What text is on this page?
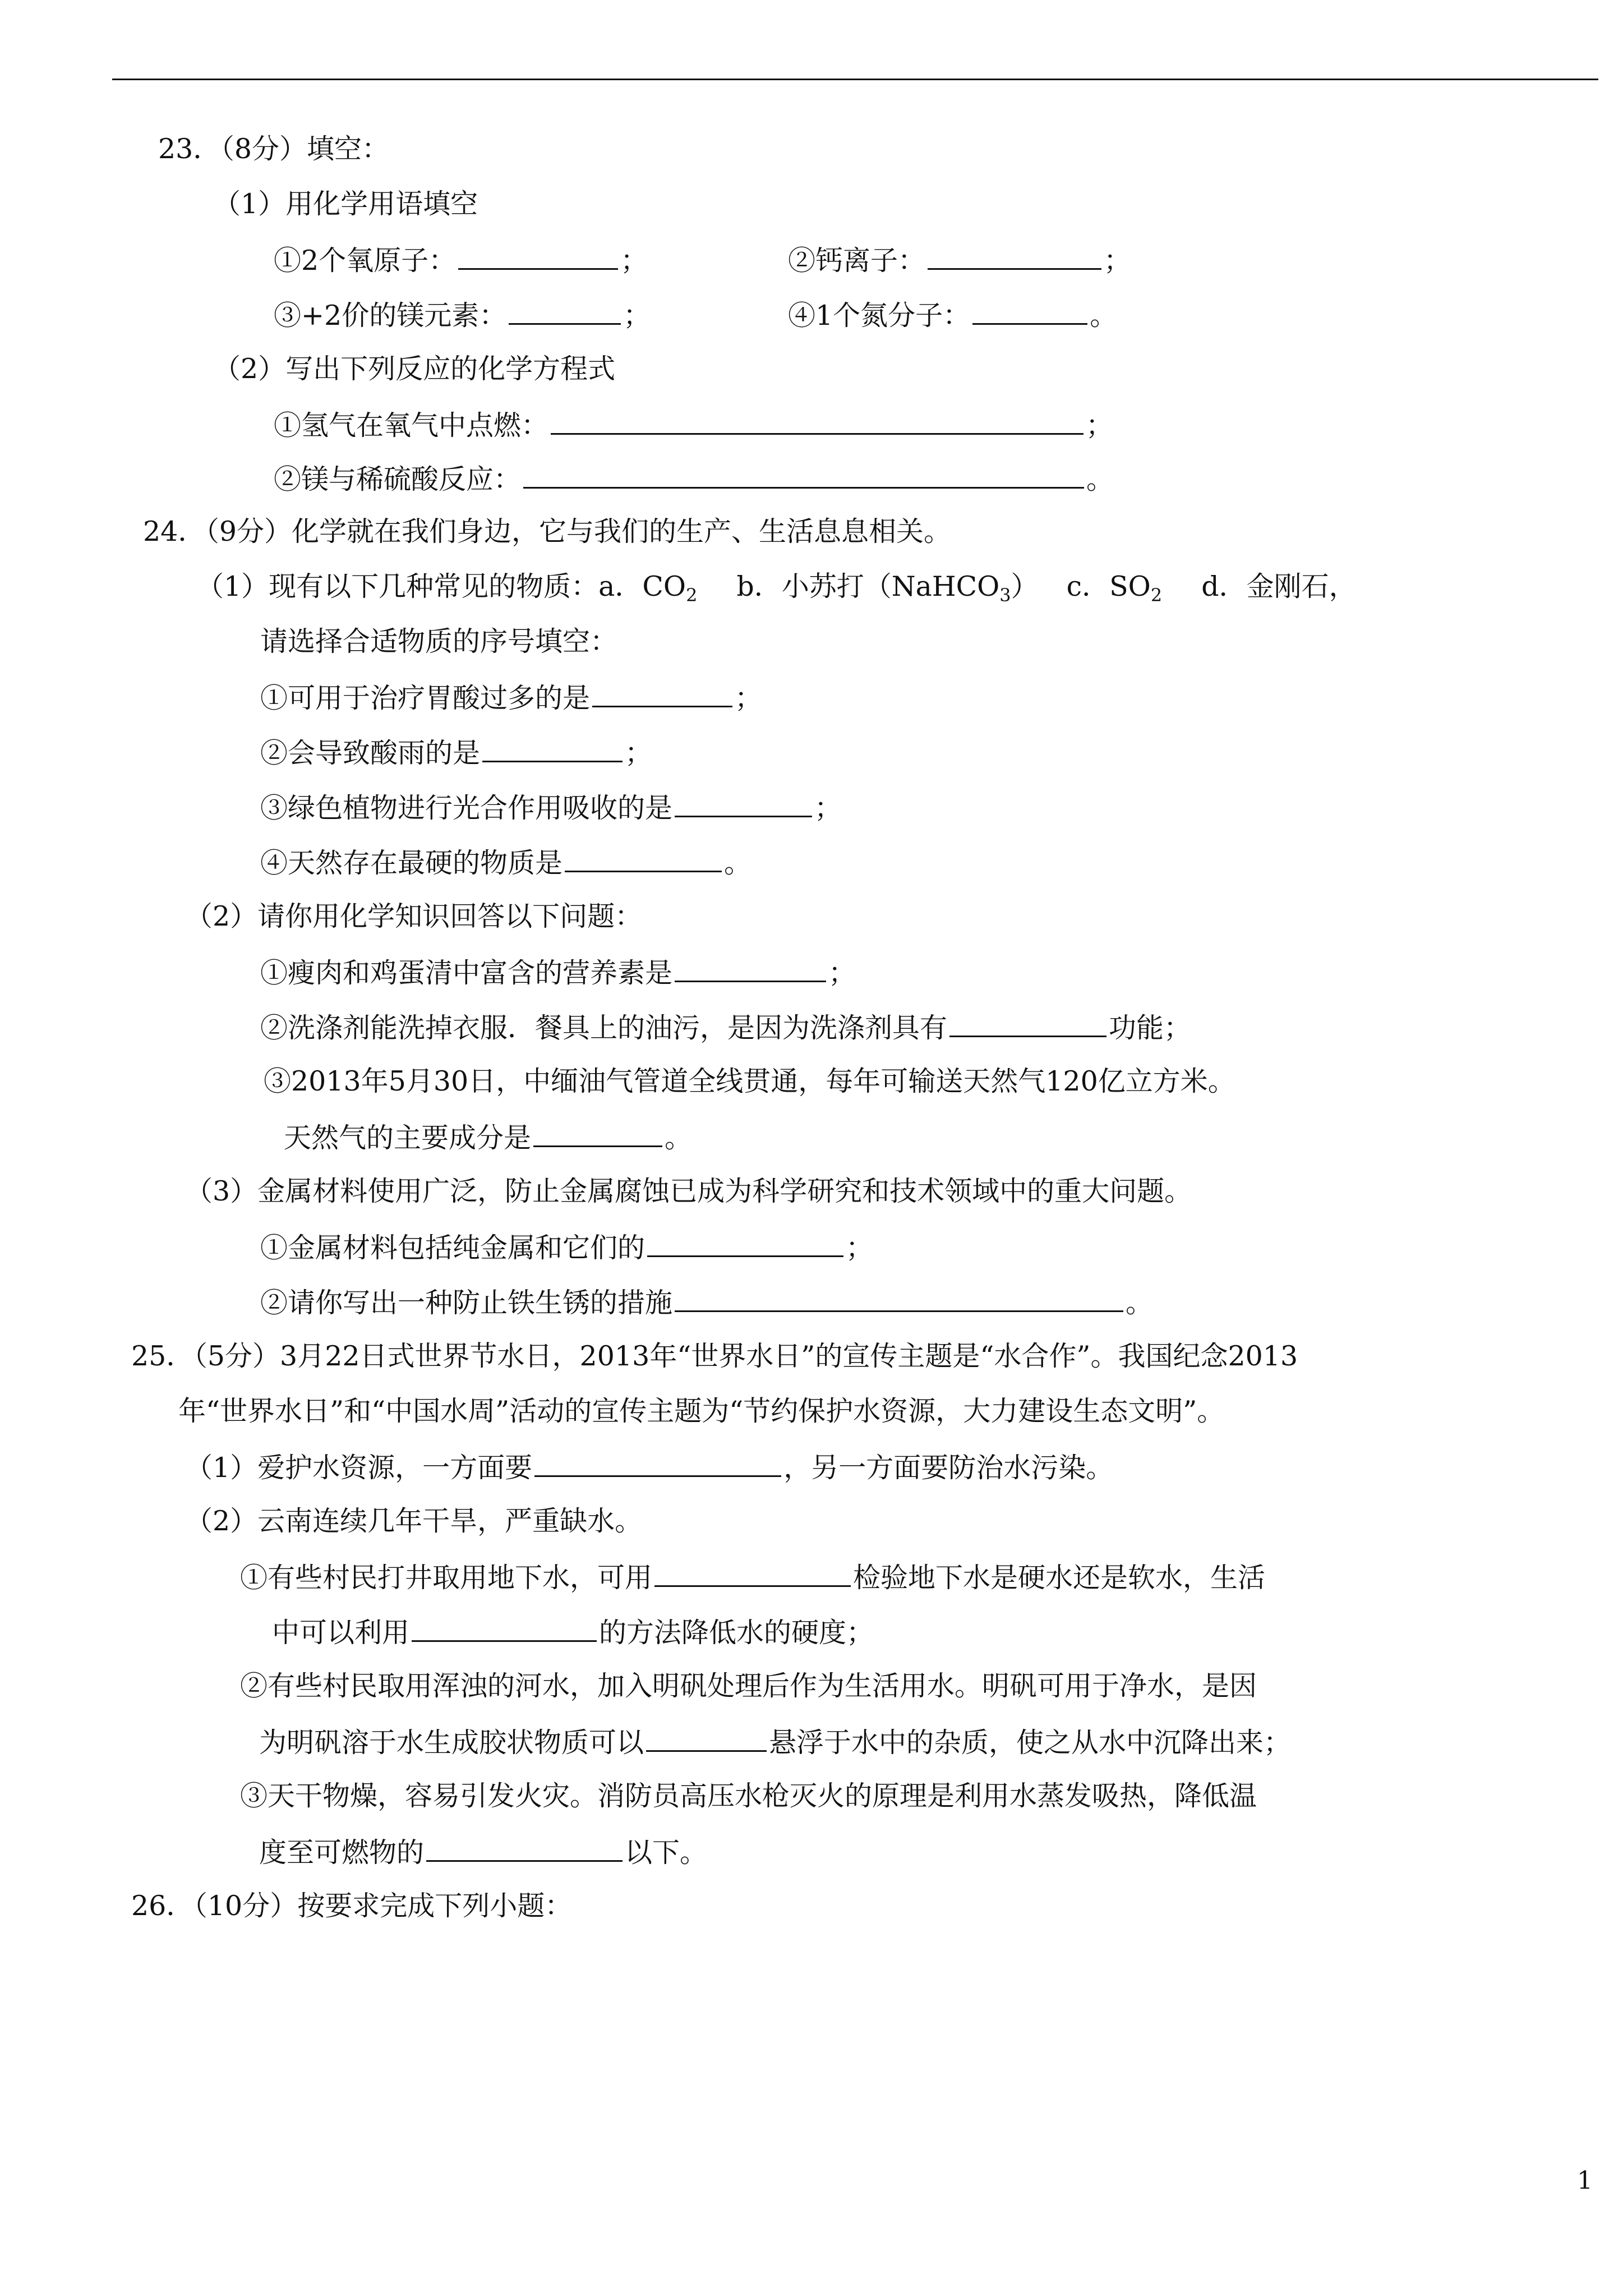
23．（8分）填空：
（1）用化学用语填空
①2个氧原子：	；	②钙离子：	；
③+2价的镁元素：	；	④1个氮分子：	。
（2）写出下列反应的化学方程式
①氢气在氧气中点燃：	；
②镁与稀硫酸反应：	。
24．（9分）化学就在我们身边，它与我们的生产、生活息息相关。
（1）现有以下几种常见的物质：a．$CO_2$ b．小苏打（NaHCO$_3$） c．$SO_2$ d．金刚石，
请选择合适物质的序号填空：
①可用于治疗胃酸过多的是	；
②会导致酸雨的是	；
③绿色植物进行光合作用吸收的是	；
④天然存在最硬的物质是	。
（2）请你用化学知识回答以下问题：
①瘦肉和鸡蛋清中富含的营养素是	；
②洗涤剂能洗掉衣服．餐具上的油污，是因为洗涤剂具有	功能；
③2013年5月30日，中缅油气管道全线贯通，每年可输送天然气120亿立方米。
天然气的主要成分是	。
（3）金属材料使用广泛，防止金属腐蚀已成为科学研究和技术领域中的重大问题。
①金属材料包括纯金属和它们的	；
②请你写出一种防止铁生锈的措施	。
25．（5分）3月22日式世界节水日，2013年“世界水日”的宣传主题是“水合作”。我国纪念2013
年“世界水日”和“中国水周”活动的宣传主题为“节约保护水资源，大力建设生态文明”。
（1）爱护水资源，一方面要	，另一方面要防治水污染。
（2）云南连续几年干旱，严重缺水。
①有些村民打井取用地下水，可用	检验地下水是硬水还是软水，生活
中可以利用	的方法降低水的硬度；
②有些村民取用浑浊的河水，加入明矾处理后作为生活用水。明矾可用于净水，是因
为明矾溶于水生成胶状物质可以	悬浮于水中的杂质，使之从水中沉降出来；
③天干物燥，容易引发火灾。消防员高压水枪灭火的原理是利用水蒸发吸热，降低温
度至可燃物的	以下。
26．（10分）按要求完成下列小题：
1
